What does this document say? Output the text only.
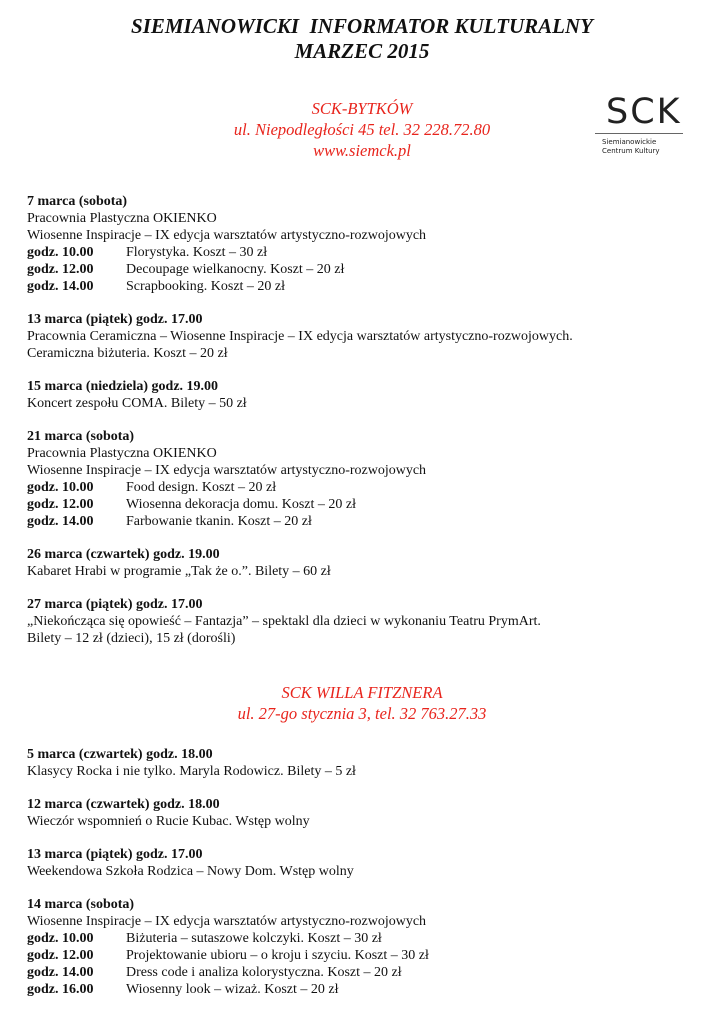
SIEMIANOWICKI  INFORMATOR KULTURALNY
MARZEC 2015
SCK-BYTKÓW
ul. Niepodległości 45 tel. 32 228.72.80
www.siemck.pl
SCK
Siemianowickie
Centrum Kultury
7 marca (sobota)
Pracownia Plastyczna OKIENKO
Wiosenne Inspiracje – IX edycja warsztatów artystyczno-rozwojowych
godz. 10.00	Florystyka. Koszt – 30 zł
godz. 12.00	Decoupage wielkanocny. Koszt – 20 zł
godz. 14.00	Scrapbooking. Koszt – 20 zł
13 marca (piątek) godz. 17.00
Pracownia Ceramiczna – Wiosenne Inspiracje – IX edycja warsztatów artystyczno-rozwojowych.
Ceramiczna biżuteria. Koszt – 20 zł
15 marca (niedziela) godz. 19.00
Koncert zespołu COMA. Bilety – 50 zł
21 marca (sobota)
Pracownia Plastyczna OKIENKO
Wiosenne Inspiracje – IX edycja warsztatów artystyczno-rozwojowych
godz. 10.00	Food design. Koszt – 20 zł
godz. 12.00	Wiosenna dekoracja domu. Koszt – 20 zł
godz. 14.00	Farbowanie tkanin. Koszt – 20 zł
26 marca (czwartek) godz. 19.00
Kabaret Hrabi w programie „Tak że o.”. Bilety – 60 zł
27 marca (piątek) godz. 17.00
„Niekończąca się opowieść – Fantazja” – spektakl dla dzieci w wykonaniu Teatru PrymArt.
Bilety – 12 zł (dzieci), 15 zł (dorośli)
SCK WILLA FITZNERA
ul. 27-go stycznia 3, tel. 32 763.27.33
5 marca (czwartek) godz. 18.00
Klasycy Rocka i nie tylko. Maryla Rodowicz. Bilety – 5 zł
12 marca (czwartek) godz. 18.00
Wieczór wspomnień o Rucie Kubac. Wstęp wolny
13 marca (piątek) godz. 17.00
Weekendowa Szkoła Rodzica – Nowy Dom. Wstęp wolny
14 marca (sobota)
Wiosenne Inspiracje – IX edycja warsztatów artystyczno-rozwojowych
godz. 10.00	Biżuteria – sutaszowe kolczyki. Koszt – 30 zł
godz. 12.00	Projektowanie ubioru – o kroju i szyciu. Koszt – 30 zł
godz. 14.00	Dress code i analiza kolorystyczna. Koszt – 20 zł
godz. 16.00	Wiosenny look – wizaż. Koszt – 20 zł
